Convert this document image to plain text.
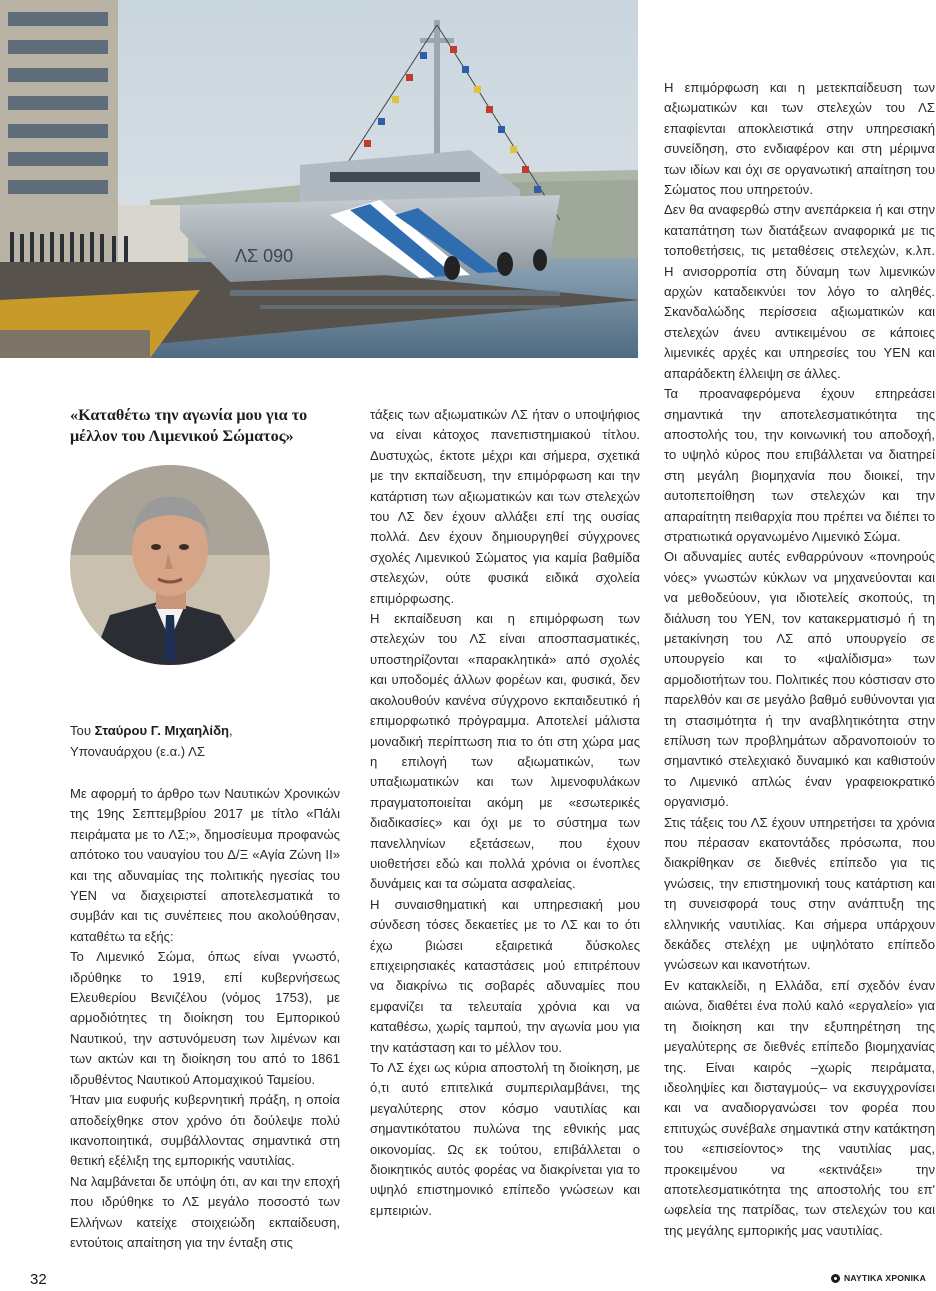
ΛΣ 090
«Καταθέτω την αγωνία μου για το μέλλον του Λιμενικού Σώματος»
Του Σταύρου Γ. Μιχαηλίδη,
Υποναυάρχου (ε.α.) ΛΣ

Με αφορμή το άρθρο των Ναυτικών Χρονικών της 19ης Σεπτεμβρίου 2017 με τίτλο «Πάλι πειράματα με το ΛΣ;», δημοσίευμα προφανώς απότοκο του ναυαγίου του Δ/Ξ «Αγία Ζώνη ΙΙ» και της αδυναμίας της πολιτικής ηγεσίας του ΥΕΝ να διαχειριστεί αποτελεσματικά το συμβάν και τις συνέπειες που ακολούθησαν, καταθέτω τα εξής:

Το Λιμενικό Σώμα, όπως είναι γνωστό, ιδρύθηκε το 1919, επί κυβερνήσεως Ελευθερίου Βενιζέλου (νόμος 1753), με αρμοδιότητες τη διοίκηση του Εμπορικού Ναυτικού, την αστυνόμευση των λιμένων και των ακτών και τη διοίκηση του από το 1861 ιδρυθέντος Ναυτικού Απομαχικού Ταμείου.

Ήταν μια ευφυής κυβερνητική πράξη, η οποία αποδείχθηκε στον χρόνο ότι δούλεψε πολύ ικανοποιητικά, συμβάλλοντας σημαντικά στη θετική εξέλιξη της εμπορικής ναυτιλίας.

Να λαμβάνεται δε υπόψη ότι, αν και την εποχή που ιδρύθηκε το ΛΣ μεγάλο ποσοστό των Ελλήνων κατείχε στοιχειώδη εκπαίδευση, εντούτοις απαίτηση για την ένταξη στις

τάξεις των αξιωματικών ΛΣ ήταν ο υποψήφιος να είναι κάτοχος πανεπιστημιακού τίτλου. Δυστυχώς, έκτοτε μέχρι και σήμερα, σχετικά με την εκπαίδευση, την επιμόρφωση και την κατάρτιση των αξιωματικών και των στελεχών του ΛΣ δεν έχουν αλλάξει επί της ουσίας πολλά. Δεν έχουν δημιουργηθεί σύγχρονες σχολές Λιμενικού Σώματος για καμία βαθμίδα στελεχών, ούτε φυσικά ειδικά σχολεία επιμόρφωσης.

Η εκπαίδευση και η επιμόρφωση των στελεχών του ΛΣ είναι αποσπασματικές, υποστηρίζονται «παρακλητικά» από σχολές και υποδομές άλλων φορέων και, φυσικά, δεν ακολουθούν κανένα σύγχρονο εκπαιδευτικό ή επιμορφωτικό πρόγραμμα. Αποτελεί μάλιστα μοναδική περίπτωση πια το ότι στη χώρα μας η επιλογή των αξιωματικών, των υπαξιωματικών και των λιμενοφυλάκων πραγματοποιείται ακόμη με «εσωτερικές διαδικασίες» και όχι με το σύστημα των πανελληνίων εξετάσεων, που έχουν υιοθετήσει εδώ και πολλά χρόνια οι ένοπλες δυνάμεις και τα σώματα ασφαλείας.

Η συναισθηματική και υπηρεσιακή μου σύνδεση τόσες δεκαετίες με το ΛΣ και το ότι έχω βιώσει εξαιρετικά δύσκολες επιχειρησιακές καταστάσεις μού επιτρέπουν να διακρίνω τις σοβαρές αδυναμίες που εμφανίζει τα τελευταία χρόνια και να καταθέσω, χωρίς ταμπού, την αγωνία μου για την κατάσταση και το μέλλον του.

Το ΛΣ έχει ως κύρια αποστολή τη διοίκηση, με ό,τι αυτό επιτελικά συμπεριλαμβάνει, της μεγαλύτερης στον κόσμο ναυτιλίας και σημαντικότατου πυλώνα της εθνικής μας οικονομίας. Ως εκ τούτου, επιβάλλεται ο διοικητικός αυτός φορέας να διακρίνεται για το υψηλό επιστημονικό επίπεδο γνώσεων και εμπειριών.

Η επιμόρφωση και η μετεκπαίδευση των αξιωματικών και των στελεχών του ΛΣ επαφίενται αποκλειστικά στην υπηρεσιακή συνείδηση, στο ενδιαφέρον και στη μέριμνα των ιδίων και όχι σε οργανωτική απαίτηση του Σώματος που υπηρετούν.

Δεν θα αναφερθώ στην ανεπάρκεια ή και στην καταπάτηση των διατάξεων αναφορικά με τις τοποθετήσεις, τις μεταθέσεις στελεχών, κ.λπ. Η ανισορροπία στη δύναμη των λιμενικών αρχών καταδεικνύει τον λόγο το αληθές. Σκανδαλώδης περίσσεια αξιωματικών και στελεχών άνευ αντικειμένου σε κάποιες λιμενικές αρχές και υπηρεσίες του ΥΕΝ και απαράδεκτη έλλειψη σε άλλες.

Τα προαναφερόμενα έχουν επηρεάσει σημαντικά την αποτελεσματικότητα της αποστολής του, την κοινωνική του αποδοχή, το υψηλό κύρος που επιβάλλεται να διατηρεί στη μεγάλη βιομηχανία που διοικεί, την αυτοπεποίθηση των στελεχών και την απαραίτητη πειθαρχία που πρέπει να διέπει το στρατιωτικά οργανωμένο Λιμενικό Σώμα.

Οι αδυναμίες αυτές ενθαρρύνουν «πονηρούς νόες» γνωστών κύκλων να μηχανεύονται και να μεθοδεύουν, για ιδιοτελείς σκοπούς, τη διάλυση του ΥΕΝ, τον κατακερματισμό ή τη μετακίνηση του ΛΣ από υπουργείο σε υπουργείο και το «ψαλίδισμα» των αρμοδιοτήτων του. Πολιτικές που κόστισαν στο παρελθόν και σε μεγάλο βαθμό ευθύνονται για τη στασιμότητα ή την αναβλητικότητα στην επίλυση των προβλημάτων αδρανοποιούν το σημαντικό στελεχιακό δυναμικό και καθιστούν το Λιμενικό απλώς έναν γραφειοκρατικό οργανισμό.

Στις τάξεις του ΛΣ έχουν υπηρετήσει τα χρόνια που πέρασαν εκατοντάδες πρόσωπα, που διακρίθηκαν σε διεθνές επίπεδο για τις γνώσεις, την επιστημονική τους κατάρτιση και τη συνεισφορά τους στην ανάπτυξη της ελληνικής ναυτιλίας. Και σήμερα υπάρχουν δεκάδες στελέχη με υψηλότατο επίπεδο γνώσεων και ικανοτήτων.

Εν κατακλείδι, η Ελλάδα, επί σχεδόν έναν αιώνα, διαθέτει ένα πολύ καλό «εργαλείο» για τη διοίκηση και την εξυπηρέτηση της μεγαλύτερης σε διεθνές επίπεδο βιομηχανίας της. Είναι καιρός –χωρίς πειράματα, ιδεοληψίες και δισταγμούς– να εκσυγχρονίσει και να αναδιοργανώσει τον φορέα που επιτυχώς συνέβαλε σημαντικά στην κατάκτηση του «επισείοντος» της ναυτιλίας μας, προκειμένου να «εκτινάξει» την αποτελεσματικότητα της αποστολής του επ' ωφελεία της πατρίδας, των στελεχών του και της μεγάλης εμπορικής μας ναυτιλίας.

32	ΝΑΥΤΙΚΑ ΧΡΟΝΙΚΑ
